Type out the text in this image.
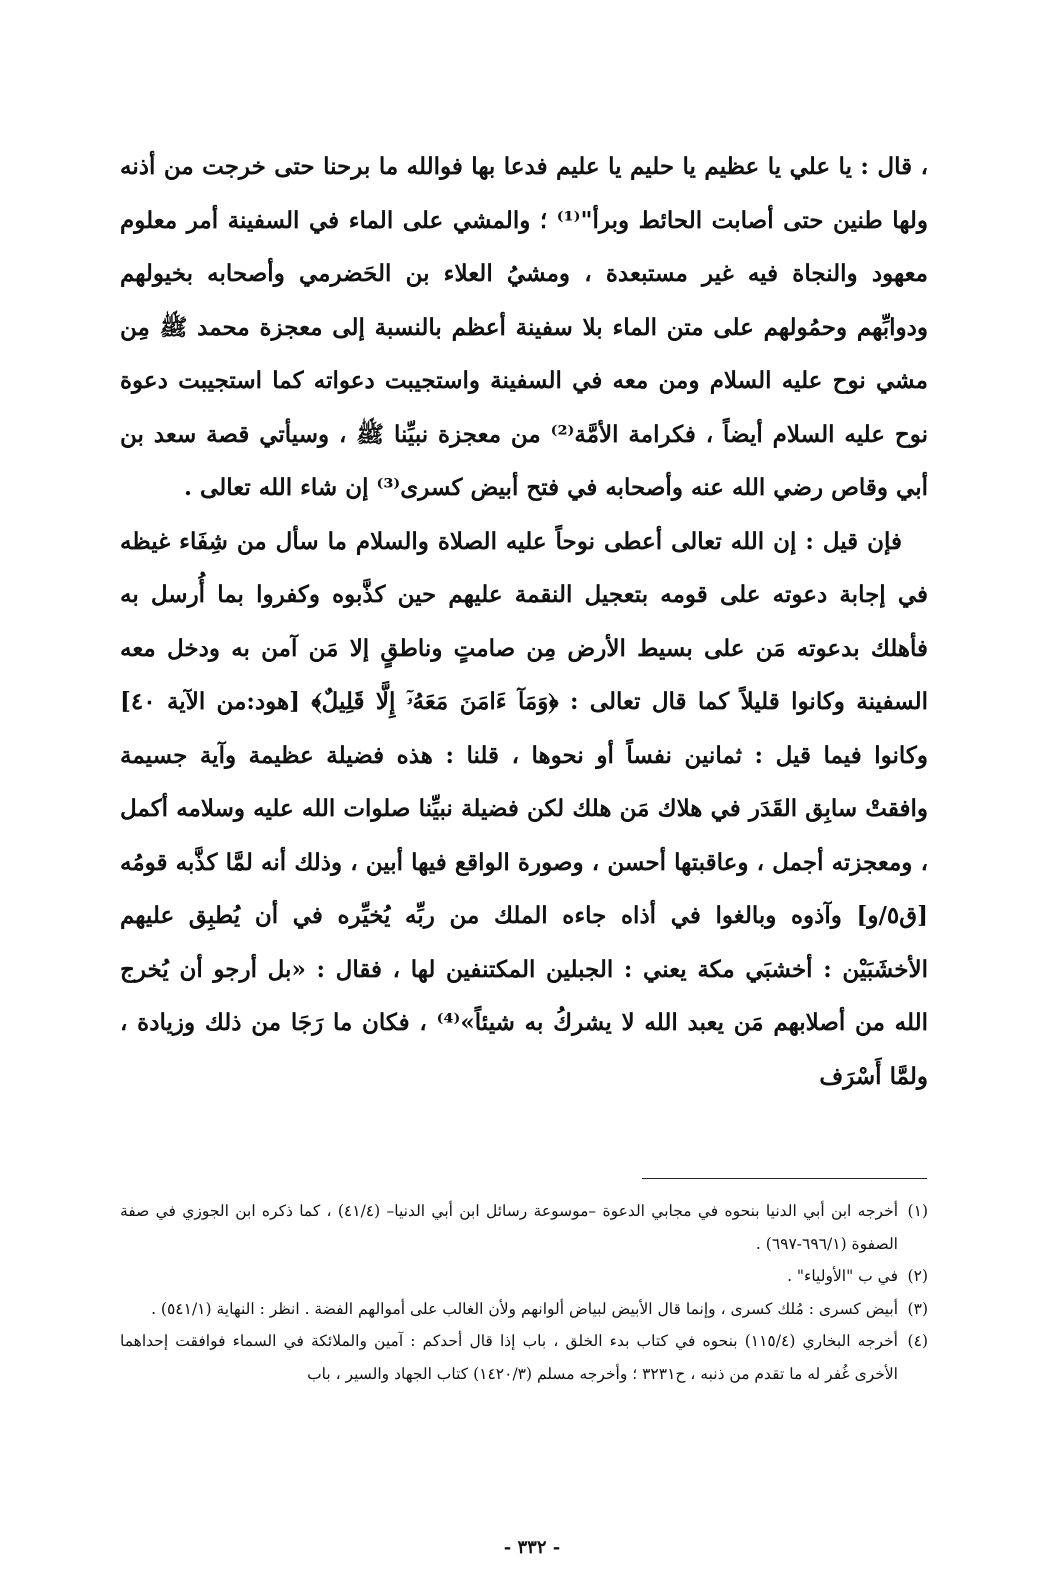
، قال : يا علي يا عظيم يا حليم يا عليم فدعا بها فوالله ما برحنا حتى خرجت من أذنه ولها طنين حتى أصابت الحائط وبرأ"⁽¹⁾ ؛ والمشي على الماء في السفينة أمر معلوم معهود والنجاة فيه غير مستبعدة ، ومشيُ العلاء بن الحَضرمي وأصحابه بخيولهم ودوابِّهم وحمُولهم على متن الماء بلا سفينة أعظم بالنسبة إلى معجزة محمد ﷺ مِن مشي نوح عليه السلام ومن معه في السفينة واستجيبت دعواته كما استجيبت دعوة نوح عليه السلام أيضاً ، فكرامة الأمَّة⁽²⁾ من معجزة نبيِّنا ﷺ ، وسيأتي قصة سعد بن أبي وقاص رضي الله عنه وأصحابه في فتح أبيض كسرى⁽³⁾ إن شاء الله تعالى .

فإن قيل : إن الله تعالى أعطى نوحاً عليه الصلاة والسلام ما سأل من شِفَاء غيظه في إجابة دعوته على قومه بتعجيل النقمة عليهم حين كذَّبوه وكفروا بما أُرسل به فأهلك بدعوته مَن على بسيط الأرض مِن صامتٍ وناطقٍ إلا مَن آمن به ودخل معه السفينة وكانوا قليلاً كما قال تعالى : ﴿وَمَآ ءَامَنَ مَعَهُۥٓ إِلَّا قَلِيلٌ﴾ [هود:من الآية ٤٠] وكانوا فيما قيل : ثمانين نفساً أو نحوها ، قلنا : هذه فضيلة عظيمة وآية جسيمة وافقتْ سابِق القَدَر في هلاك مَن هلك لكن فضيلة نبيِّنا صلوات الله عليه وسلامه أكمل ، ومعجزته أجمل ، وعاقبتها أحسن ، وصورة الواقع فيها أبين ، وذلك أنه لمَّا كذَّبه قومُه [ق٥/و] وآذوه وبالغوا في أذاه جاءه الملك من ربِّه يُخيِّره في أن يُطبِق عليهم الأخشَبَيْن : أخشبَي مكة يعني : الجبلين المكتنفين لها ، فقال : «بل أرجو أن يُخرج الله من أصلابهم مَن يعبد الله لا يشركُ به شيئاً»⁽⁴⁾ ، فكان ما رَجَا من ذلك وزيادة ، ولمَّا أَسْرَف

(١)
أخرجه ابن أبي الدنيا بنحوه في مجابي الدعوة –موسوعة رسائل ابن أبي الدنيا– (٤١/٤) ، كما ذكره ابن الجوزي في صفة الصفوة (٦٩٦/١-٦٩٧) .

(٢)
في ب "الأولياء" .

(٣)
أبيض كسرى : مُلك كسرى ، وإنما قال الأبيض لبياض ألوانهم ولأن الغالب على أموالهم الفضة . انظر : النهاية (٥٤١/١) .

(٤)
أخرجه البخاري (١١٥/٤) بنحوه في كتاب بدء الخلق ، باب إذا قال أحدكم : آمين والملائكة في السماء فوافقت إحداهما الأخرى غُفر له ما تقدم من ذنبه ، ح٣٢٣١ ؛ وأخرجه مسلم (١٤٢٠/٣) كتاب الجهاد والسير ، باب

- ٣٣٢ -
